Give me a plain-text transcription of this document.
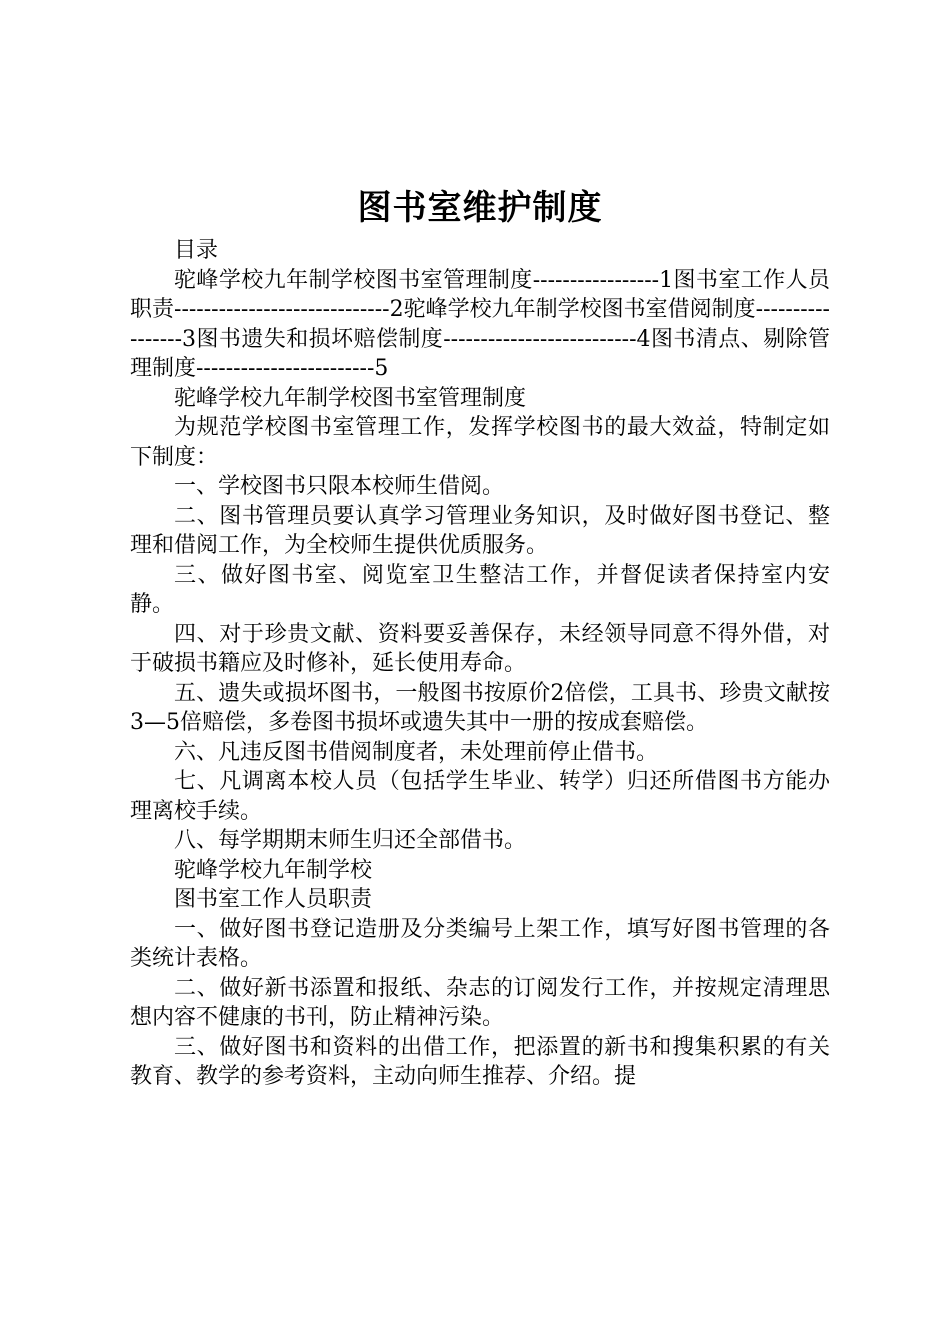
图书室维护制度

目录

驼峰学校九年制学校图书室管理制度-----------------1图书室工作人员职责-----------------------------2驼峰学校九年制学校图书室借阅制度-----------------3图书遗失和损坏赔偿制度--------------------------4图书清点、剔除管理制度------------------------5

驼峰学校九年制学校图书室管理制度

为规范学校图书室管理工作，发挥学校图书的最大效益，特制定如下制度：

一、学校图书只限本校师生借阅。

二、图书管理员要认真学习管理业务知识，及时做好图书登记、整理和借阅工作，为全校师生提供优质服务。

三、做好图书室、阅览室卫生整洁工作，并督促读者保持室内安静。

四、对于珍贵文献、资料要妥善保存，未经领导同意不得外借，对于破损书籍应及时修补，延长使用寿命。

五、遗失或损坏图书，一般图书按原价2倍偿，工具书、珍贵文献按3—5倍赔偿，多卷图书损坏或遗失其中一册的按成套赔偿。

六、凡违反图书借阅制度者，未处理前停止借书。

七、凡调离本校人员（包括学生毕业、转学）归还所借图书方能办理离校手续。

八、每学期期末师生归还全部借书。

驼峰学校九年制学校

图书室工作人员职责

一、做好图书登记造册及分类编号上架工作，填写好图书管理的各类统计表格。

二、做好新书添置和报纸、杂志的订阅发行工作，并按规定清理思想内容不健康的书刊，防止精神污染。

三、做好图书和资料的出借工作，把添置的新书和搜集积累的有关教育、教学的参考资料，主动向师生推荐、介绍。提
